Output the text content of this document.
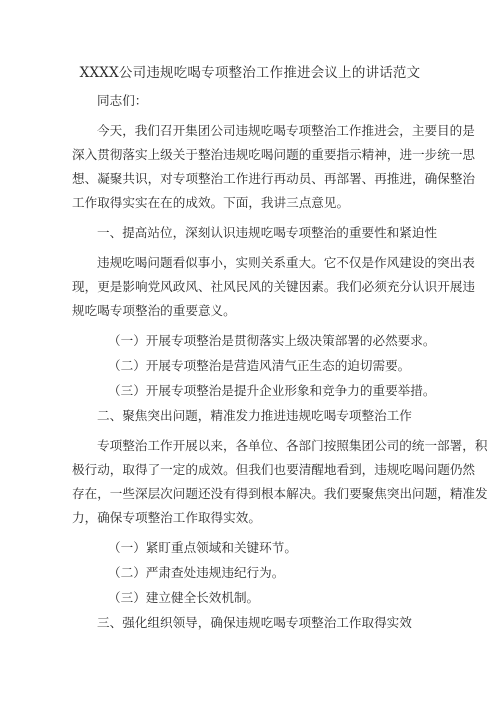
XXXX公司违规吃喝专项整治工作推进会议上的讲话范文
同志们：
今天，我们召开集团公司违规吃喝专项整治工作推进会，主要目的是
深入贯彻落实上级关于整治违规吃喝问题的重要指示精神，进一步统一思
想、凝聚共识，对专项整治工作进行再动员、再部署、再推进，确保整治
工作取得实实在在的成效。下面，我讲三点意见。
一、提高站位，深刻认识违规吃喝专项整治的重要性和紧迫性
违规吃喝问题看似事小，实则关系重大。它不仅是作风建设的突出表
现，更是影响党风政风、社风民风的关键因素。我们必须充分认识开展违
规吃喝专项整治的重要意义。
（一）开展专项整治是贯彻落实上级决策部署的必然要求。
（二）开展专项整治是营造风清气正生态的迫切需要。
（三）开展专项整治是提升企业形象和竞争力的重要举措。
二、聚焦突出问题，精准发力推进违规吃喝专项整治工作
专项整治工作开展以来，各单位、各部门按照集团公司的统一部署，积
极行动，取得了一定的成效。但我们也要清醒地看到，违规吃喝问题仍然
存在，一些深层次问题还没有得到根本解决。我们要聚焦突出问题，精准发
力，确保专项整治工作取得实效。
（一）紧盯重点领域和关键环节。
（二）严肃查处违规违纪行为。
（三）建立健全长效机制。
三、强化组织领导，确保违规吃喝专项整治工作取得实效
